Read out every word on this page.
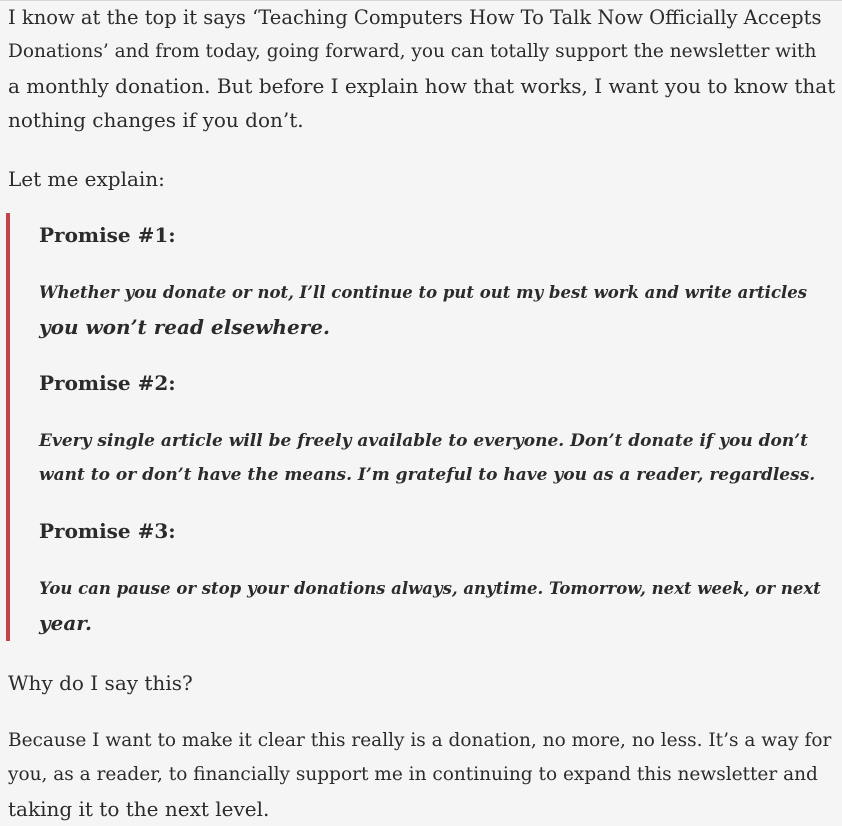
I know at the top it says ‘Teaching Computers How To Talk Now Officially Accepts

Donations’ and from today, going forward, you can totally support the newsletter with

a monthly donation. But before I explain how that works, I want you to know that

nothing changes if you don’t.

Let me explain:

Promise #1:

Whether you donate or not, I’ll continue to put out my best work and write articles

you won’t read elsewhere.

Promise #2:

Every single article will be freely available to everyone. Don’t donate if you don’t

want to or don’t have the means. I’m grateful to have you as a reader, regardless.

Promise #3:

You can pause or stop your donations always, anytime. Tomorrow, next week, or next

year.

Why do I say this?

Because I want to make it clear this really is a donation, no more, no less. It’s a way for

you, as a reader, to financially support me in continuing to expand this newsletter and

taking it to the next level.
